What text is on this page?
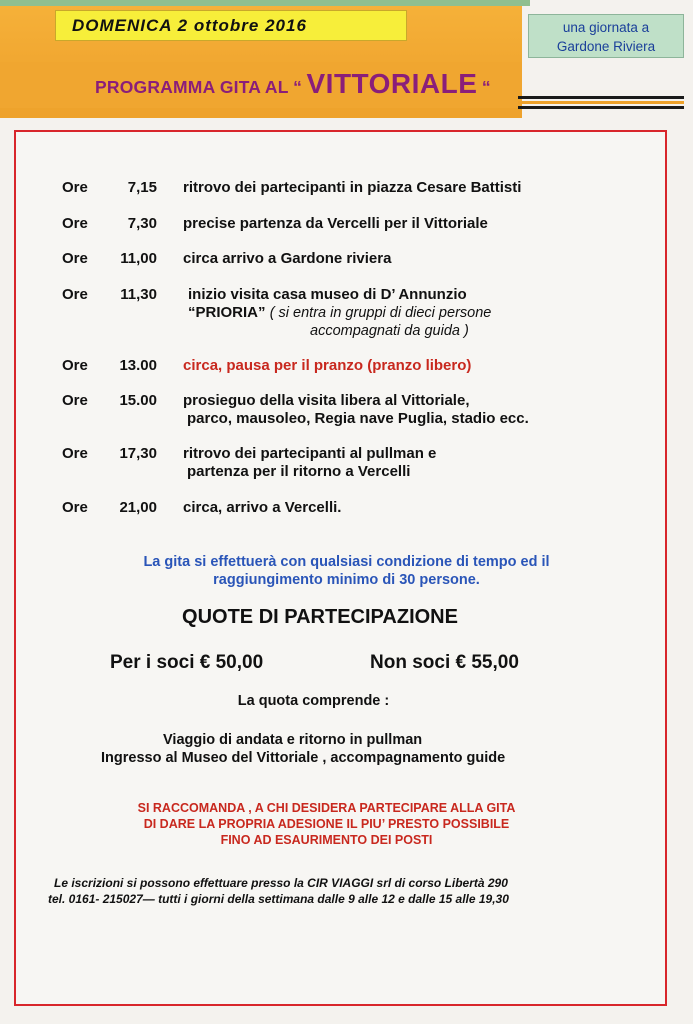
DOMENICA 2 ottobre 2016	una giornata a
Gardone Riviera
PROGRAMMA GITA AL “ VITTORIALE “
Ore	7,15 ritrovo dei partecipanti in piazza Cesare Battisti
Ore	7,30 precise partenza da Vercelli per il Vittoriale
Ore	11,00 circa arrivo a Gardone riviera
Ore	11,30 inizio visita casa museo di D’ Annunzio
“PRIORIA” ( si entra in gruppi di dieci persone
accompagnati da guida )
Ore	13.00 circa, pausa per il pranzo (pranzo libero)
Ore	15.00 prosieguo della visita libera al Vittoriale,
parco, mausoleo, Regia nave Puglia, stadio ecc.
Ore	17,30 ritrovo dei partecipanti al pullman e
partenza per il ritorno a Vercelli
Ore	21,00 circa, arrivo a Vercelli.
La gita si effettuerà con qualsiasi condizione di tempo ed il
raggiungimento minimo di 30 persone.
QUOTE DI PARTECIPAZIONE
Per i soci € 50,00	Non soci € 55,00
La quota comprende :
Viaggio di andata e ritorno in pullman
Ingresso al Museo del Vittoriale , accompagnamento guide
SI RACCOMANDA , A CHI DESIDERA PARTECIPARE ALLA GITA
DI DARE LA PROPRIA ADESIONE IL PIU’ PRESTO POSSIBILE
FINO AD ESAURIMENTO DEI POSTI
Le iscrizioni si possono effettuare presso la CIR VIAGGI srl di corso Libertà 290
tel. 0161- 215027— tutti i giorni della settimana dalle 9 alle 12 e dalle 15 alle 19,30
